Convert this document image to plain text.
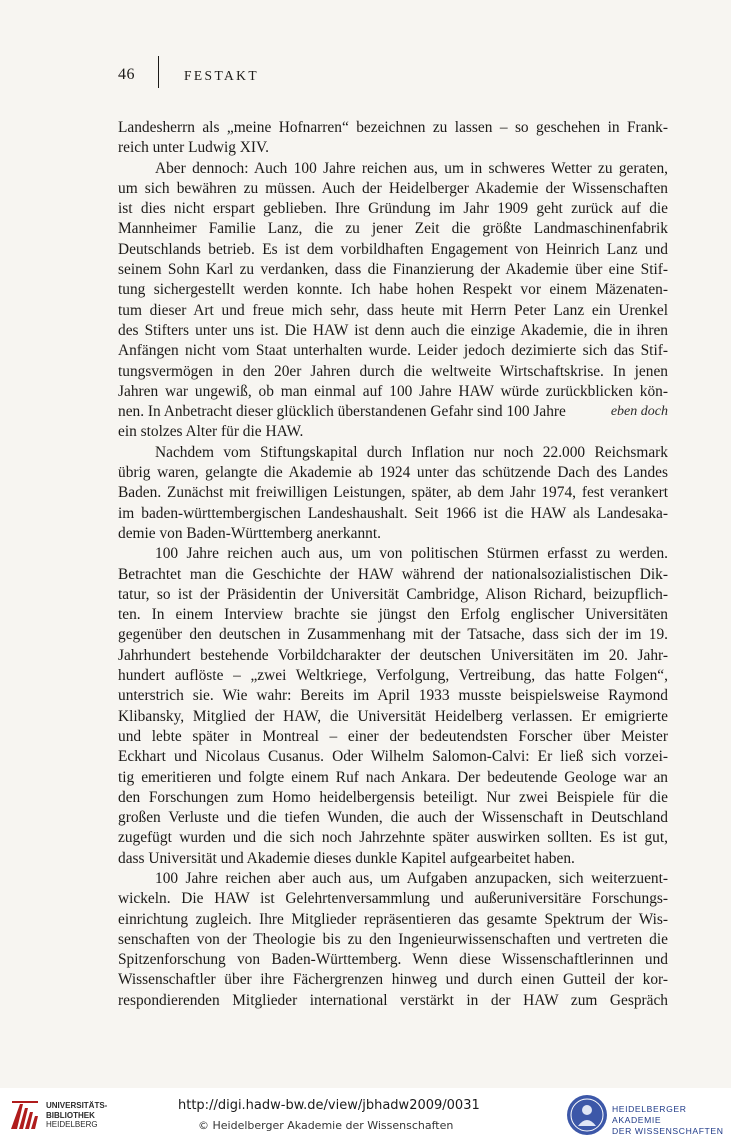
46	FESTAKT
Landesherrn als „meine Hofnarren“ bezeichnen zu lassen – so geschehen in Frank-
reich unter Ludwig XIV.
Aber dennoch: Auch 100 Jahre reichen aus, um in schweres Wetter zu geraten,
um sich bewähren zu müssen. Auch der Heidelberger Akademie der Wissenschaften
ist dies nicht erspart geblieben. Ihre Gründung im Jahr 1909 geht zurück auf die
Mannheimer Familie Lanz, die zu jener Zeit die größte Landmaschinenfabrik
Deutschlands betrieb. Es ist dem vorbildhaften Engagement von Heinrich Lanz und
seinem Sohn Karl zu verdanken, dass die Finanzierung der Akademie über eine Stif-
tung sichergestellt werden konnte. Ich habe hohen Respekt vor einem Mäzenaten-
tum dieser Art und freue mich sehr, dass heute mit Herrn Peter Lanz ein Urenkel
des Stifters unter uns ist. Die HAW ist denn auch die einzige Akademie, die in ihren
Anfängen nicht vom Staat unterhalten wurde. Leider jedoch dezimierte sich das Stif-
tungsvermögen in den 20er Jahren durch die weltweite Wirtschaftskrise. In jenen
Jahren war ungewiß, ob man einmal auf 100 Jahre HAW würde zurückblicken kön-
nen. In Anbetracht dieser glücklich überstandenen Gefahr sind 100 Jahre	eben doch
ein stolzes Alter für die HAW.
Nachdem vom Stiftungskapital durch Inflation nur noch 22.000 Reichsmark
übrig waren, gelangte die Akademie ab 1924 unter das schützende Dach des Landes
Baden. Zunächst mit freiwilligen Leistungen, später, ab dem Jahr 1974, fest verankert
im baden-württembergischen Landeshaushalt. Seit 1966 ist die HAW als Landesaka-
demie von Baden-Württemberg anerkannt.
100 Jahre reichen auch aus, um von politischen Stürmen erfasst zu werden.
Betrachtet man die Geschichte der HAW während der nationalsozialistischen Dik-
tatur, so ist der Präsidentin der Universität Cambridge, Alison Richard, beizupflich-
ten. In einem Interview brachte sie jüngst den Erfolg englischer Universitäten
gegenüber den deutschen in Zusammenhang mit der Tatsache, dass sich der im 19.
Jahrhundert bestehende Vorbildcharakter der deutschen Universitäten im 20. Jahr-
hundert auflöste – „zwei Weltkriege, Verfolgung, Vertreibung, das hatte Folgen“,
unterstrich sie. Wie wahr: Bereits im April 1933 musste beispielsweise Raymond
Klibansky, Mitglied der HAW, die Universität Heidelberg verlassen. Er emigrierte
und lebte später in Montreal – einer der bedeutendsten Forscher über Meister
Eckhart und Nicolaus Cusanus. Oder Wilhelm Salomon-Calvi: Er ließ sich vorzei-
tig emeritieren und folgte einem Ruf nach Ankara. Der bedeutende Geologe war an
den Forschungen zum Homo heidelbergensis beteiligt. Nur zwei Beispiele für die
großen Verluste und die tiefen Wunden, die auch der Wissenschaft in Deutschland
zugefügt wurden und die sich noch Jahrzehnte später auswirken sollten. Es ist gut,
dass Universität und Akademie dieses dunkle Kapitel aufgearbeitet haben.
100 Jahre reichen aber auch aus, um Aufgaben anzupacken, sich weiterzuent-
wickeln. Die HAW ist Gelehrtenversammlung und außeruniversitäre Forschungs-
einrichtung zugleich. Ihre Mitglieder repräsentieren das gesamte Spektrum der Wis-
senschaften von der Theologie bis zu den Ingenieurwissenschaften und vertreten die
Spitzenforschung von Baden-Württemberg. Wenn diese Wissenschaftlerinnen und
Wissenschaftler über ihre Fächergrenzen hinweg und durch einen Gutteil der kor-
respondierenden Mitglieder international verstärkt in der HAW zum Gespräch
UNIVERSITÄTS-
BIBLIOTHEK
HEIDELBERG
http://digi.hadw-bw.de/view/jbhadw2009/0031
© Heidelberger Akademie der Wissenschaften
HEIDELBERGER AKADEMIE
DER WISSENSCHAFTEN
